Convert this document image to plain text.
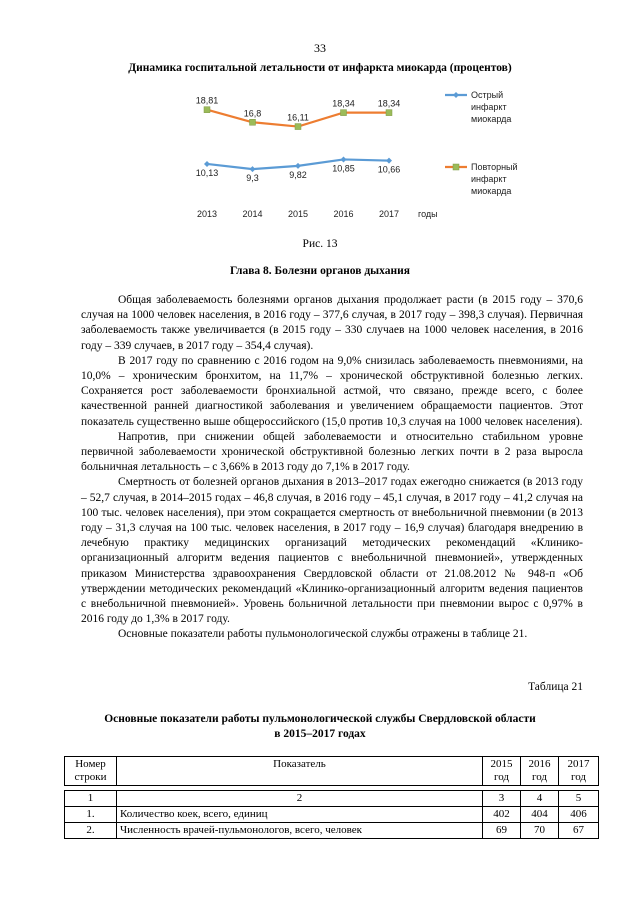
33
Динамика госпитальной летальности от инфаркта миокарда (процентов)
10,13
9,3	9,82
10,85	10,66
18,81
16,8	16,11
18,34	18,34
2013	2014	2015	2016	2017 годы
Острый инфаркт миокарда
Повторный инфаркт миокарда
Рис. 13
Глава 8. Болезни органов дыхания

Общая заболеваемость болезнями органов дыхания продолжает расти (в 2015 году – 370,6 случая на 1000 человек населения, в 2016 году – 377,6 случая, в 2017 году – 398,3 случая). Первичная заболеваемость также увеличивается (в 2015 году – 330 случаев на 1000 человек населения, в 2016 году – 339 случаев, в 2017 году – 354,4 случая).

В 2017 году по сравнению с 2016 годом на 9,0% снизилась заболеваемость пневмониями, на 10,0% – хроническим бронхитом, на 11,7% – хронической обструктивной болезнью легких. Сохраняется рост заболеваемости бронхиальной астмой, что связано, прежде всего, с более качественной ранней диагностикой заболевания и увеличением обращаемости пациентов. Этот показатель существенно выше общероссийского (15,0 против 10,3 случая на 1000 человек населения).

Напротив, при снижении общей заболеваемости и относительно стабильном уровне первичной заболеваемости хронической обструктивной болезнью легких почти в 2 раза выросла больничная летальность – с 3,66% в 2013 году до 7,1% в 2017 году.

Смертность от болезней органов дыхания в 2013–2017 годах ежегодно снижается (в 2013 году – 52,7 случая, в 2014–2015 годах – 46,8 случая, в 2016 году – 45,1 случая, в 2017 году – 41,2 случая на 100 тыс. человек населения), при этом сокращается смертность от внебольничной пневмонии (в 2013 году – 31,3 случая на 100 тыс. человек населения, в 2017 году – 16,9 случая) благодаря внедрению в лечебную практику медицинских организаций методических рекомендаций «Клинико-организационный алгоритм ведения пациентов с внебольничной пневмонией», утвержденных приказом Министерства здравоохранения Свердловской области от 21.08.2012 № 948-п «Об утверждении методических рекомендаций «Клинико-организационный алгоритм ведения пациентов с внебольничной пневмонией». Уровень больничной летальности при пневмонии вырос с 0,97% в 2016 году до 1,3% в 2017 году.

Основные показатели работы пульмонологической службы отражены в таблице 21.

Таблица 21
Основные показатели работы пульмонологической службы Свердловской области
в 2015–2017 годах
Номер строки	Показатель	2015 год	2016 год	2017 год

1	2	3	4	5
1.	Количество коек, всего, единиц	402	404	406
2.	Численность врачей-пульмонологов, всего, человек	69	70	67
